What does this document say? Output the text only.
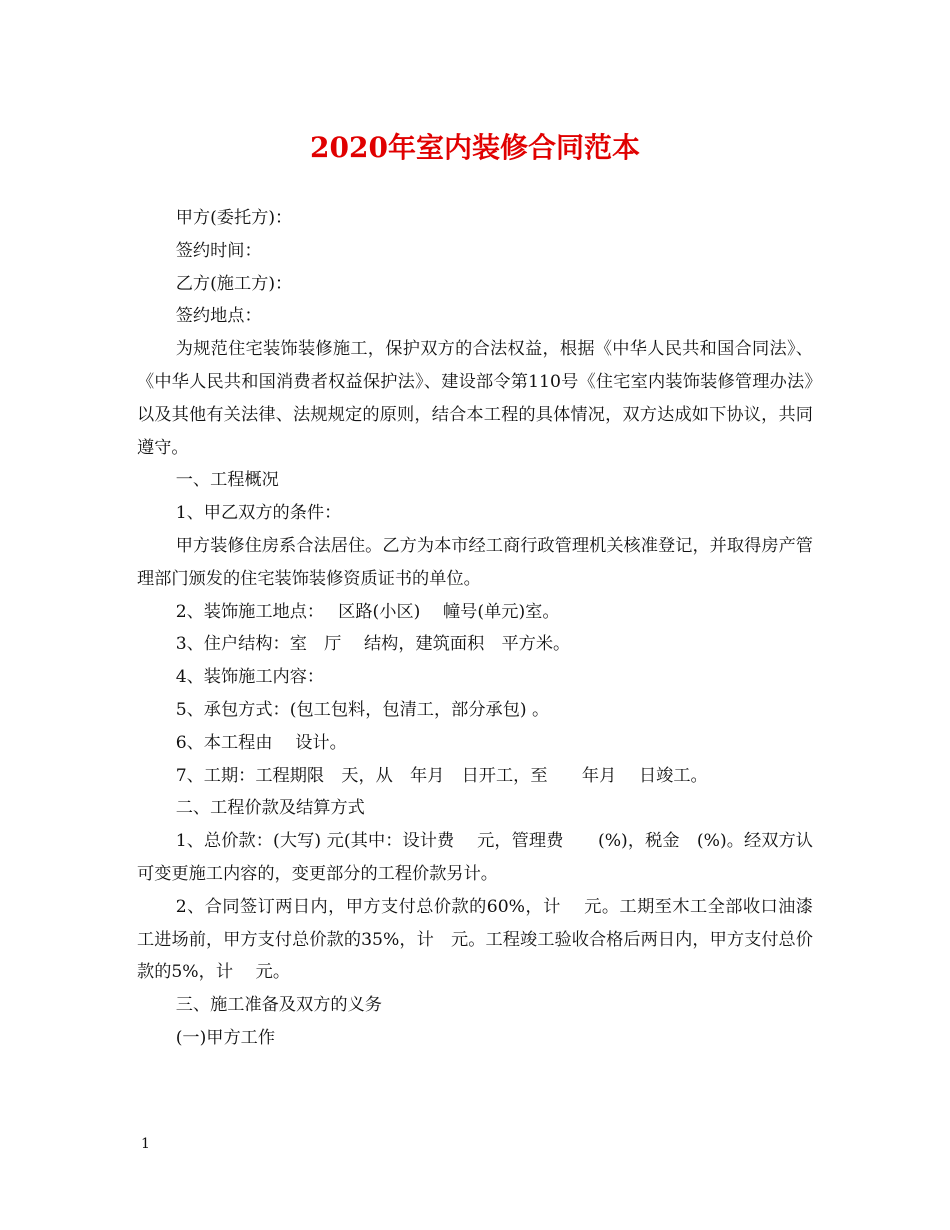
2020年室内装修合同范本

甲方(委托方)：

签约时间：

乙方(施工方)：

签约地点：

为规范住宅装饰装修施工，保护双方的合法权益，根据《中华人民共和国合同法》、《中华人民共和国消费者权益保护法》、建设部令第110号《住宅室内装饰装修管理办法》以及其他有关法律、法规规定的原则，结合本工程的具体情况，双方达成如下协议，共同遵守。

一、工程概况

1、甲乙双方的条件：

甲方装修住房系合法居住。乙方为本市经工商行政管理机关核准登记，并取得房产管理部门颁发的住宅装饰装修资质证书的单位。

2、装饰施工地点：　 区路(小区)　 幢号(单元)室。

3、住户结构：室　厅　 结构，建筑面积　平方米。

4、装饰施工内容：

5、承包方式：(包工包料，包清工，部分承包) 。

6、本工程由　 设计。

7、工期：工程期限　天，从　年月　日开工，至　　年月　 日竣工。

二、工程价款及结算方式

1、总价款：(大写) 元(其中：设计费　 元，管理费　　(%)，税金　(%)。经双方认可变更施工内容的，变更部分的工程价款另计。

2、合同签订两日内，甲方支付总价款的60%，计　 元。工期至木工全部收口油漆工进场前，甲方支付总价款的35%，计　元。工程竣工验收合格后两日内，甲方支付总价款的5%，计　 元。

三、施工准备及双方的义务

(一)甲方工作

1
